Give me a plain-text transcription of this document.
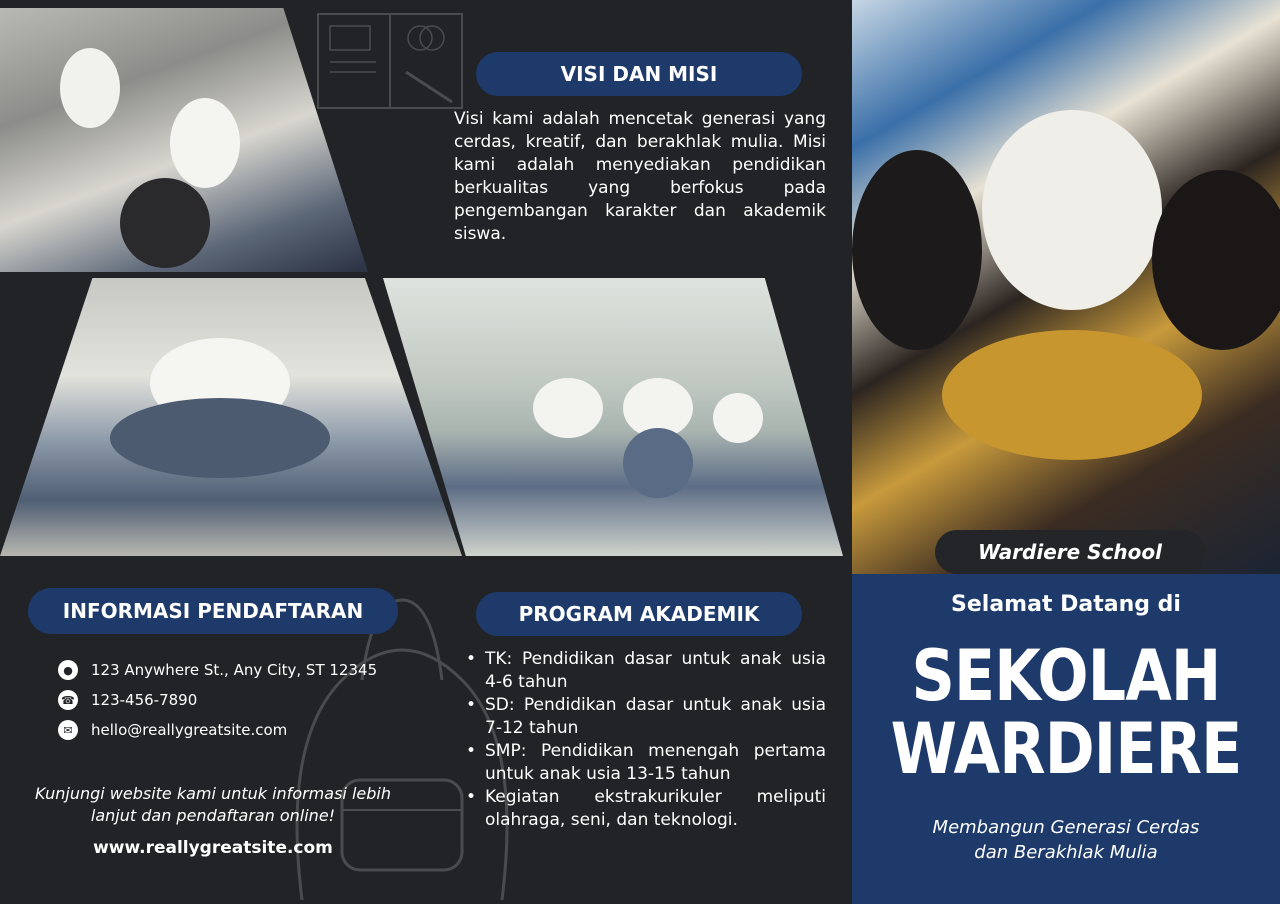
VISI DAN MISI

Visi kami adalah mencetak generasi yang cerdas, kreatif, dan berakhlak mulia. Misi kami adalah menyediakan pendidikan berkualitas yang berfokus pada pengembangan karakter dan akademik siswa.

INFORMASI PENDAFTARAN
●	123 Anywhere St., Any City, ST 12345
☎ 123-456-7890
✉	hello@reallygreatsite.com

Kunjungi website kami untuk informasi lebih lanjut dan pendaftaran online!

www.reallygreatsite.com
PROGRAM AKADEMIK
• TK: Pendidikan dasar untuk anak usia 4-6 tahun
• SD: Pendidikan dasar untuk anak usia 7-12 tahun
• SMP: Pendidikan menengah pertama untuk anak usia 13-15 tahun
• Kegiatan ekstrakurikuler meliputi olahraga, seni, dan teknologi.
Wardiere School
Selamat Datang di
SEKOLAH
WARDIERE
Membangun Generasi Cerdas
dan Berakhlak Mulia
